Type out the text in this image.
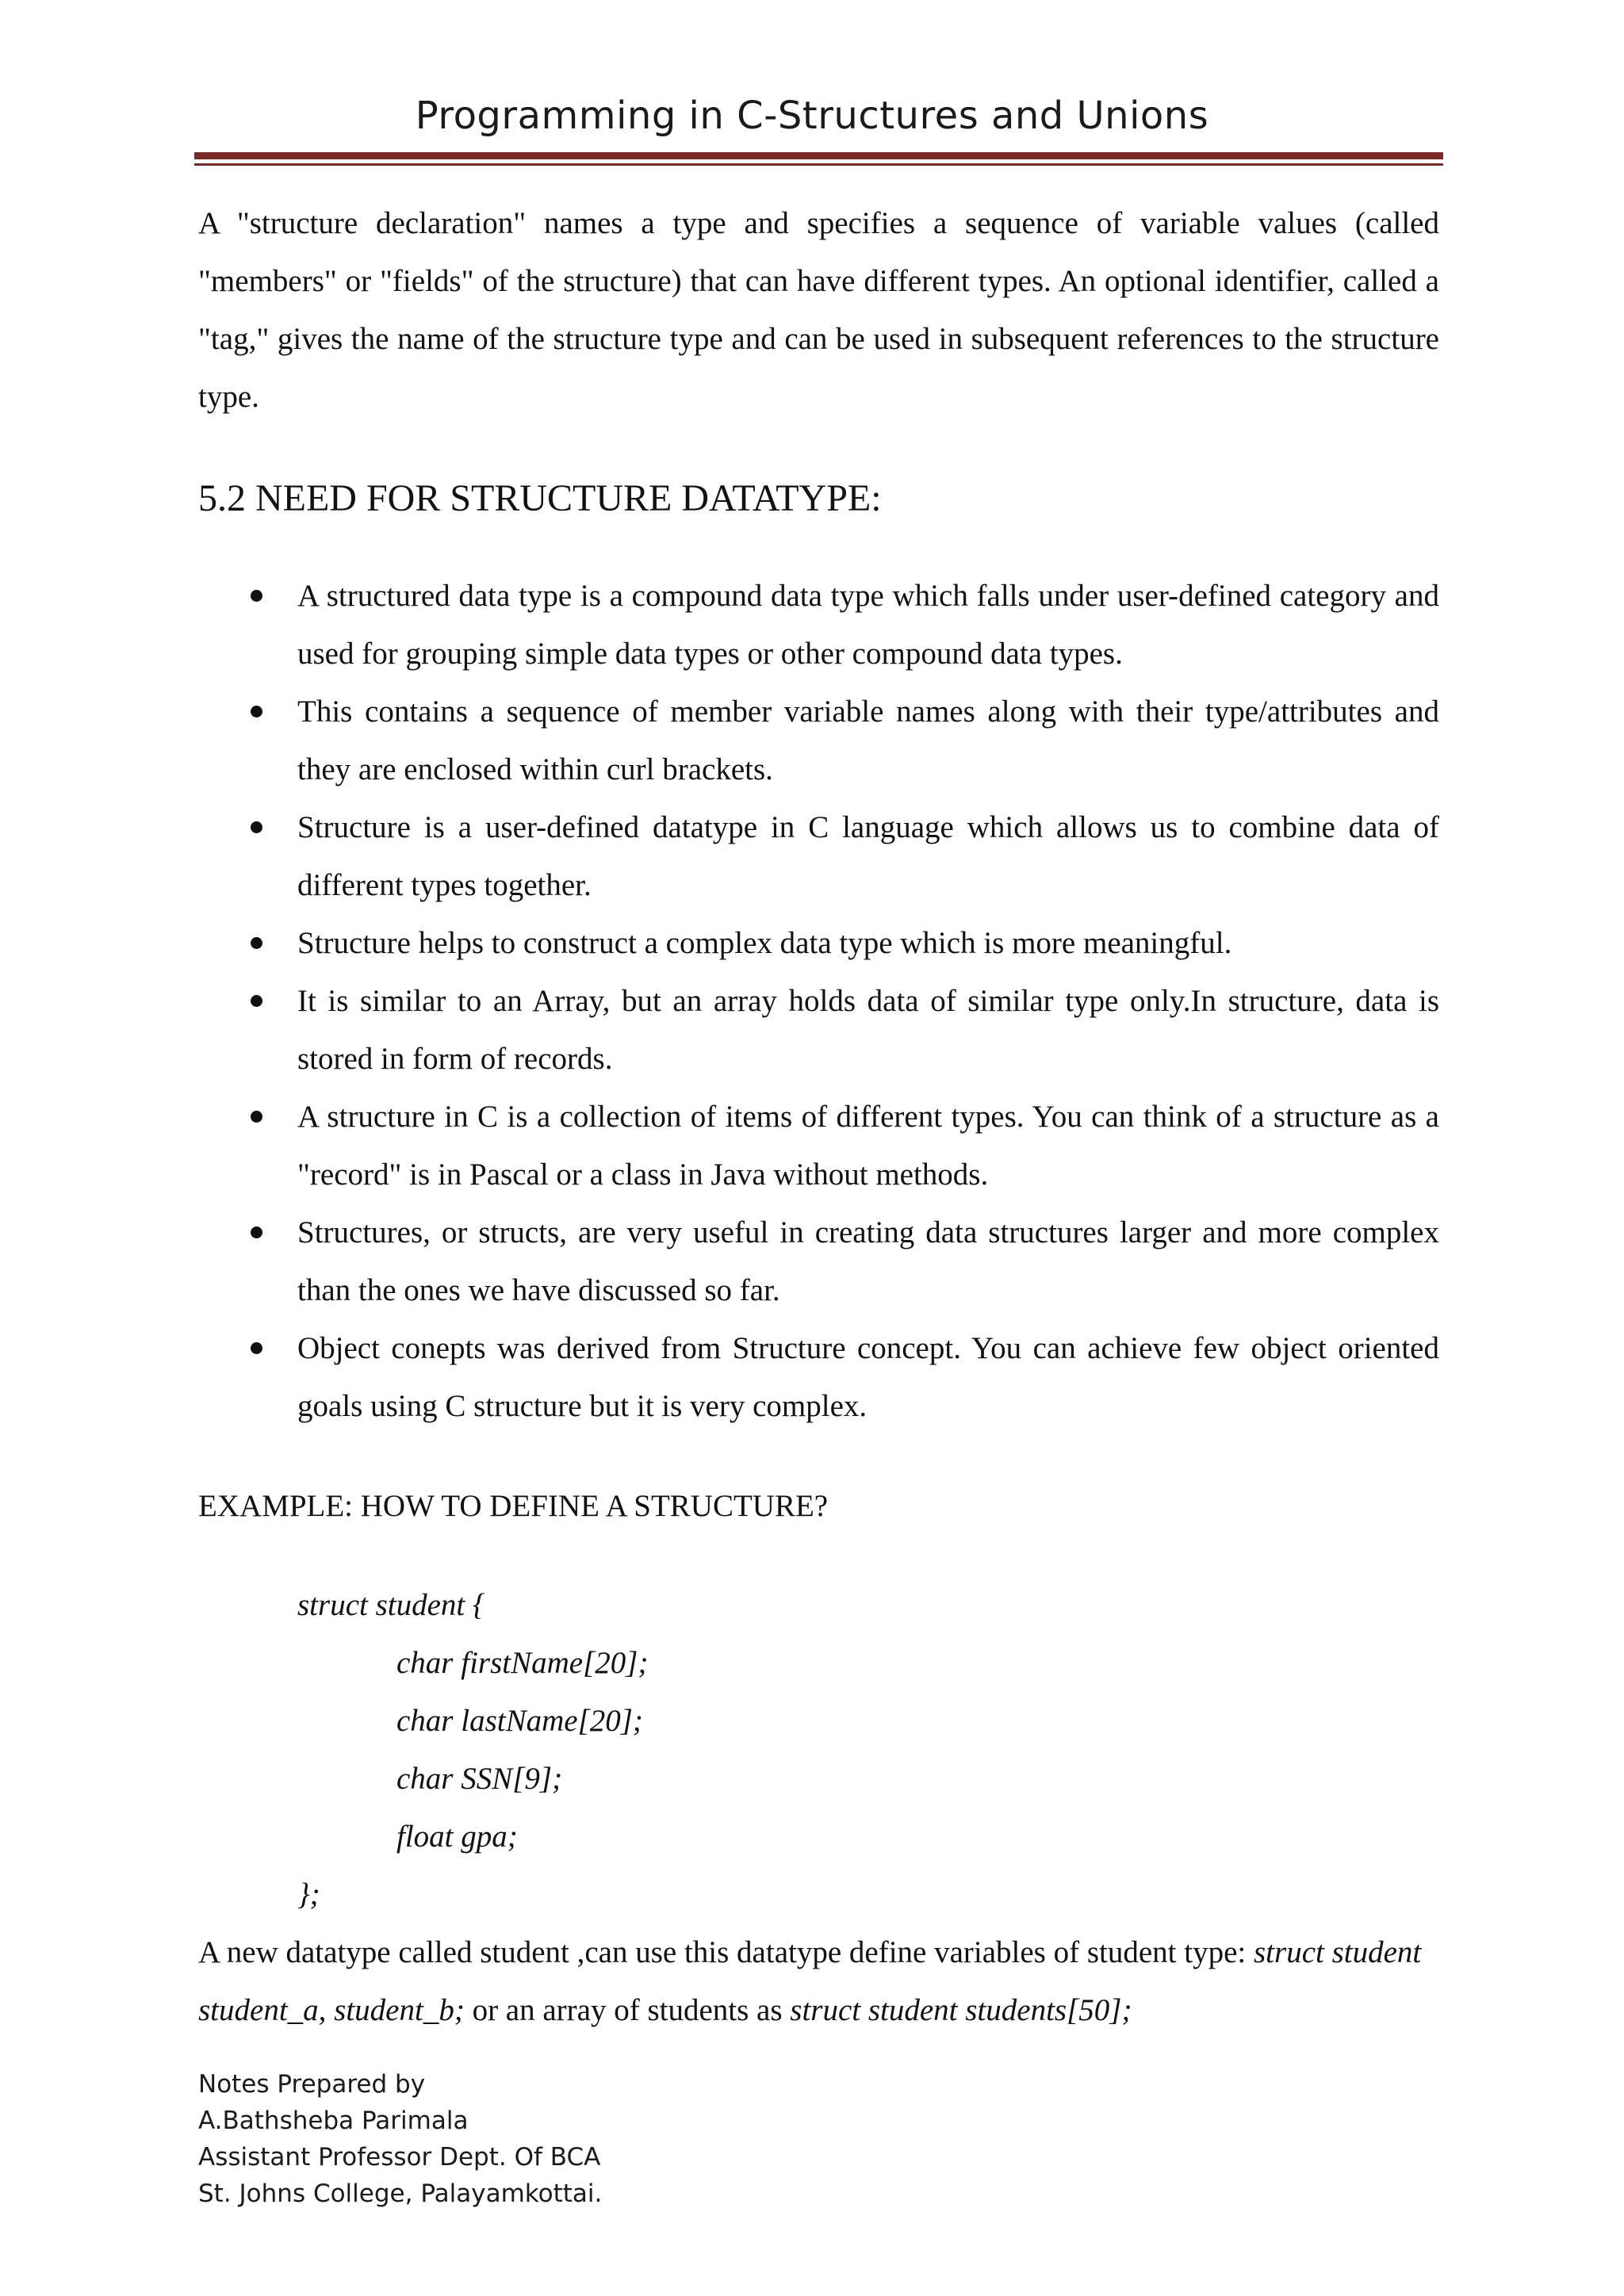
Programming in C-Structures and Unions

A "structure declaration" names a type and specifies a sequence of variable values (called "members" or "fields" of the structure) that can have different types. An optional identifier, called a "tag," gives the name of the structure type and can be used in subsequent references to the structure type.

5.2 NEED FOR STRUCTURE DATATYPE:
A structured data type is a compound data type which falls under user-defined category and used for grouping simple data types or other compound data types.
This contains a sequence of member variable names along with their type/attributes and they are enclosed within curl brackets.
Structure is a user-defined datatype in C language which allows us to combine data of different types together.
Structure helps to construct a complex data type which is more meaningful.
It is similar to an Array, but an array holds data of similar type only.In structure, data is stored in form of records.
A structure in C is a collection of items of different types. You can think of a structure as a "record" is in Pascal or a class in Java without methods.
Structures, or structs, are very useful in creating data structures larger and more complex than the ones we have discussed so far.
Object conepts was derived from Structure concept. You can achieve few object oriented goals using C structure but it is very complex.

EXAMPLE: HOW TO DEFINE A STRUCTURE?

struct student {
char firstName[20];
char lastName[20];
char SSN[9];
float gpa;
};

A new datatype called student ,can use this datatype define variables of student type: struct student student_a, student_b; or an array of students as struct student students[50];

Notes Prepared by
A.Bathsheba Parimala
Assistant Professor Dept. Of BCA
St. Johns College, Palayamkottai.
